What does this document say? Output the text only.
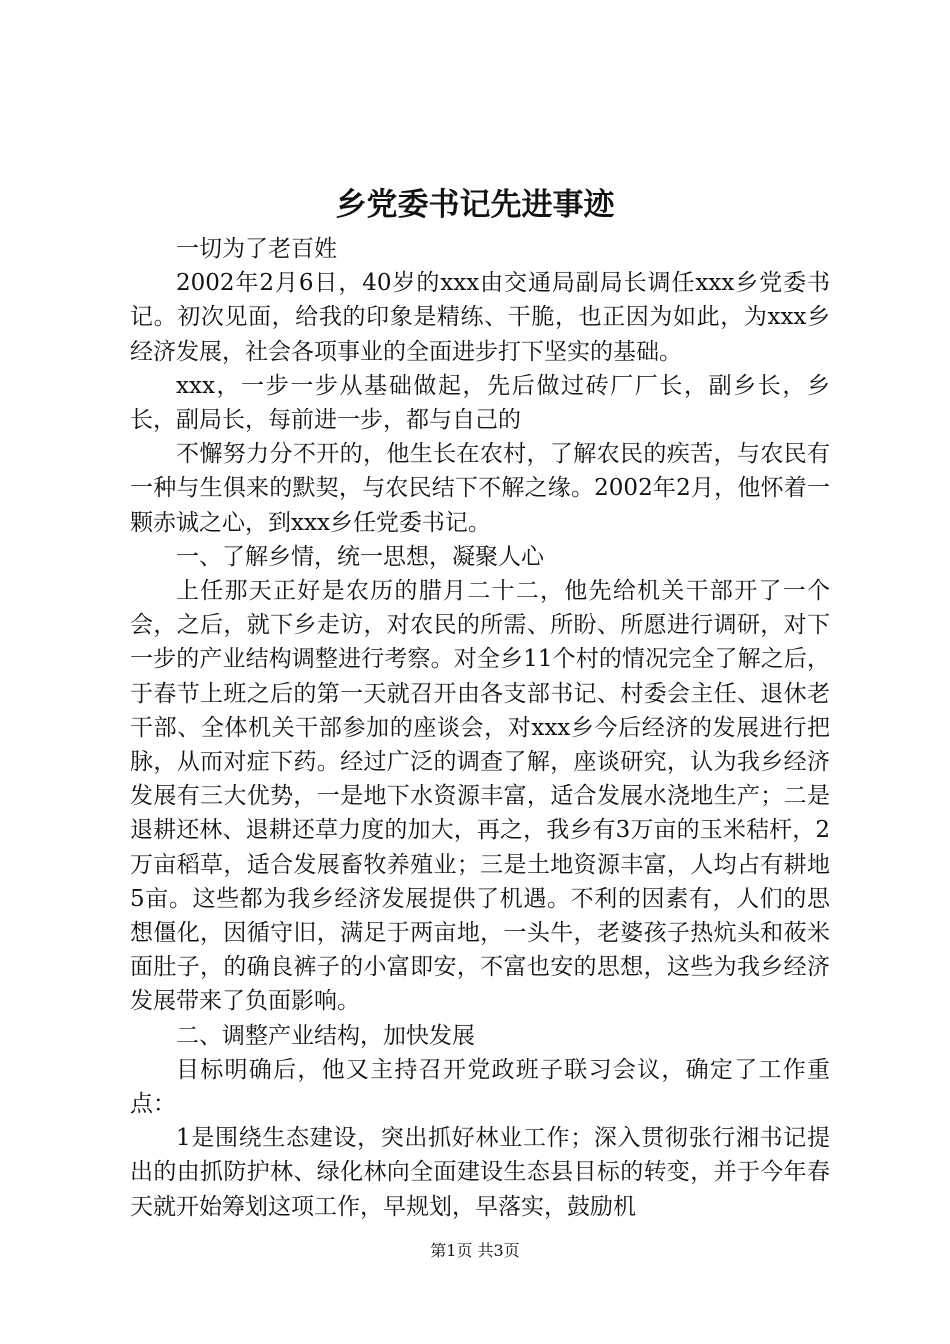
乡党委书记先进事迹

一切为了老百姓

2002年2月6日，40岁的xxx由交通局副局长调任xxx乡党委书记。初次见面，给我的印象是精练、干脆，也正因为如此，为xxx乡经济发展，社会各项事业的全面进步打下坚实的基础。

xxx，一步一步从基础做起，先后做过砖厂厂长，副乡长，乡长，副局长，每前进一步，都与自己的

不懈努力分不开的，他生长在农村，了解农民的疾苦，与农民有一种与生俱来的默契，与农民结下不解之缘。2002年2月，他怀着一颗赤诚之心，到xxx乡任党委书记。

一、了解乡情，统一思想，凝聚人心

上任那天正好是农历的腊月二十二，他先给机关干部开了一个会，之后，就下乡走访，对农民的所需、所盼、所愿进行调研，对下一步的产业结构调整进行考察。对全乡11个村的情况完全了解之后，于春节上班之后的第一天就召开由各支部书记、村委会主任、退休老干部、全体机关干部参加的座谈会，对xxx乡今后经济的发展进行把脉，从而对症下药。经过广泛的调查了解，座谈研究，认为我乡经济发展有三大优势，一是地下水资源丰富，适合发展水浇地生产；二是退耕还林、退耕还草力度的加大，再之，我乡有3万亩的玉米秸杆，2万亩稻草，适合发展畜牧养殖业；三是土地资源丰富，人均占有耕地5亩。这些都为我乡经济发展提供了机遇。不利的因素有，人们的思想僵化，因循守旧，满足于两亩地，一头牛，老婆孩子热炕头和莜米面肚子，的确良裤子的小富即安，不富也安的思想，这些为我乡经济发展带来了负面影响。

二、调整产业结构，加快发展

目标明确后，他又主持召开党政班子联习会议，确定了工作重点：

1是围绕生态建设，突出抓好林业工作；深入贯彻张行湘书记提出的由抓防护林、绿化林向全面建设生态县目标的转变，并于今年春天就开始筹划这项工作，早规划，早落实，鼓励机

第1页 共3页
